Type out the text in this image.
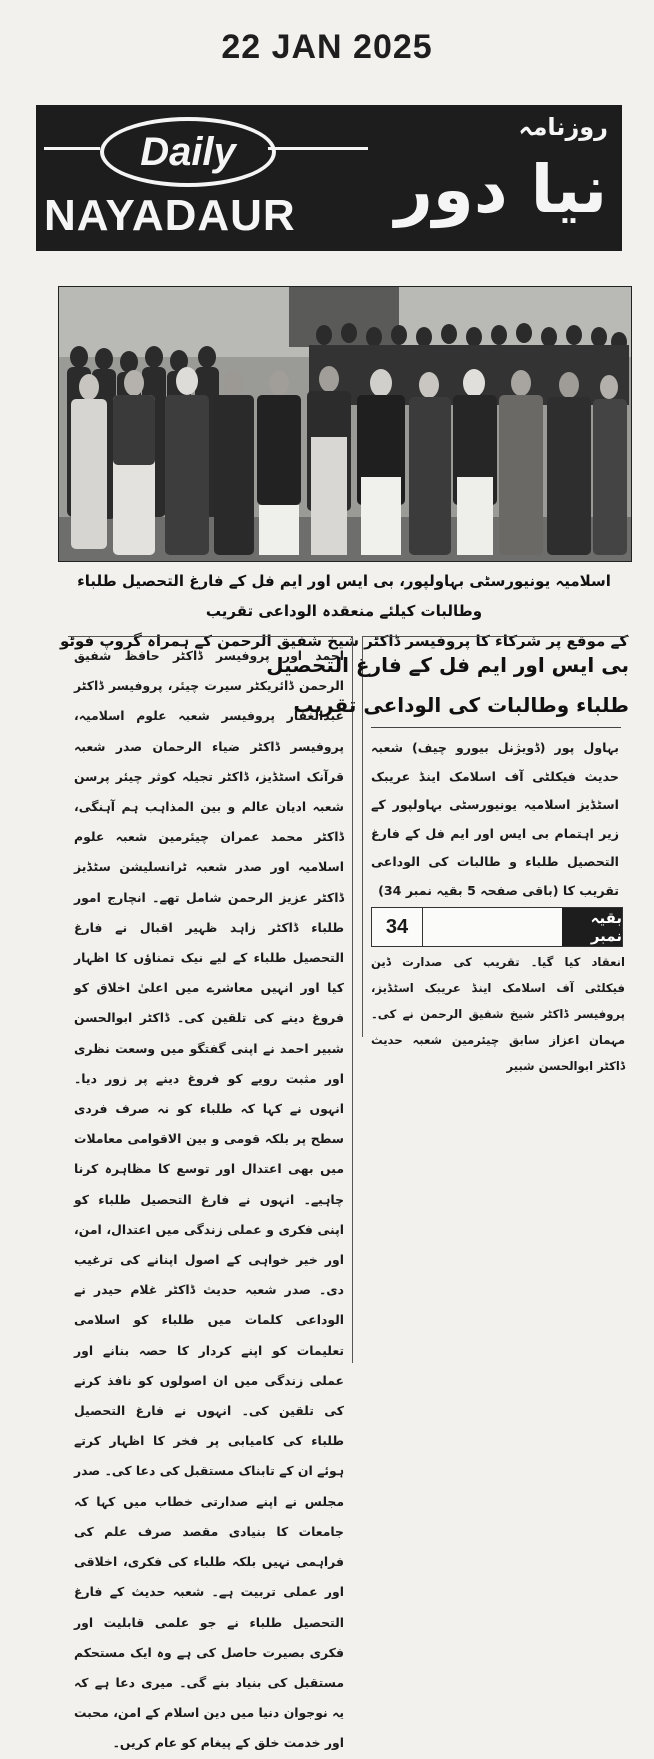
22 JAN 2025
Daily
NAYADAUR
روزنامہ
نیا دور
اسلامیہ یونیورسٹی بہاولپور، بی ایس اور ایم فل کے فارغ التحصیل طلباء وطالبات کیلئے منعقدہ الوداعی تقریب
کے موقع پر شرکاء کا پروفیسر ڈاکٹر شیخ شفیق الرحمن کے ہمراہ گروپ فوٹو

احمد اور پروفیسر ڈاکٹر حافظ شفیق الرحمن ڈائریکٹر سیرت چیئر، پروفیسر ڈاکٹر عبدالغفار پروفیسر شعبہ علوم اسلامیہ، پروفیسر ڈاکٹر ضیاء الرحمان صدر شعبہ قرآنک اسٹڈیز، ڈاکٹر تجیلہ کوثر چیئر پرسن شعبہ ادیان عالم و بین المذاہب ہم آہنگی، ڈاکٹر محمد عمران چیئرمین شعبہ علوم اسلامیہ اور صدر شعبہ ٹرانسلیشن سٹڈیز ڈاکٹر عزیز الرحمن شامل تھے۔ انچارج امور طلباء ڈاکٹر زاہد ظہیر اقبال نے فارغ التحصیل طلباء کے لیے نیک تمناؤں کا اظہار کیا اور انہیں معاشرے میں اعلیٰ اخلاق کو فروغ دینے کی تلقین کی۔ ڈاکٹر ابوالحسن شبیر احمد نے اپنی گفتگو میں وسعت نظری اور مثبت رویے کو فروغ دینے پر زور دیا۔ انہوں نے کہا کہ طلباء کو نہ صرف فردی سطح پر بلکہ قومی و بین الاقوامی معاملات میں بھی اعتدال اور توسع کا مظاہرہ کرنا چاہیے۔ انہوں نے فارغ التحصیل طلباء کو اپنی فکری و عملی زندگی میں اعتدال، امن، اور خیر خواہی کے اصول اپنانے کی ترغیب دی۔ صدر شعبہ حدیث ڈاکٹر غلام حیدر نے الوداعی کلمات میں طلباء کو اسلامی تعلیمات کو اپنے کردار کا حصہ بنانے اور عملی زندگی میں ان اصولوں کو نافذ کرنے کی تلقین کی۔ انہوں نے فارغ التحصیل طلباء کی کامیابی پر فخر کا اظہار کرتے ہوئے ان کے تابناک مستقبل کی دعا کی۔ صدر مجلس نے اپنے صدارتی خطاب میں کہا کہ جامعات کا بنیادی مقصد صرف علم کی فراہمی نہیں بلکہ طلباء کی فکری، اخلاقی اور عملی تربیت ہے۔ شعبہ حدیث کے فارغ التحصیل طلباء نے جو علمی قابلیت اور فکری بصیرت حاصل کی ہے وہ ایک مستحکم مستقبل کی بنیاد بنے گی۔ میری دعا ہے کہ یہ نوجوان دنیا میں دین اسلام کے امن، محبت اور خدمت خلق کے پیغام کو عام کریں۔

بی ایس اور ایم فل کے فارغ التحصیل
طلباء وطالبات کی الوداعی تقریب
بہاول پور (ڈویژنل بیورو چیف) شعبہ حدیث فیکلٹی آف اسلامک اینڈ عریبک اسٹڈیز اسلامیہ یونیورسٹی بہاولپور کے زیر اہتمام بی ایس اور ایم فل کے فارغ التحصیل طلباء و طالبات کی الوداعی تقریب کا (باقی صفحہ 5 بقیہ نمبر 34)
34	بقیہ نمبر
انعقاد کیا گیا۔ تقریب کی صدارت ڈین فیکلٹی آف اسلامک اینڈ عریبک اسٹڈیز، پروفیسر ڈاکٹر شیخ شفیق الرحمن نے کی۔ مہمان اعزاز سابق چیئرمین شعبہ حدیث ڈاکٹر ابوالحسن شبیر
